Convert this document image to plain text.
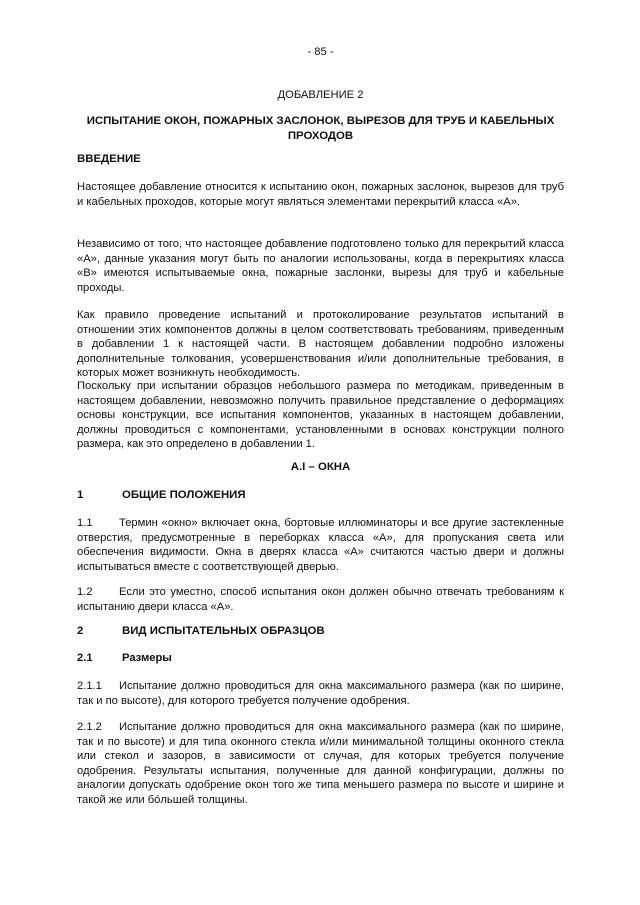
- 85 -
ДОБАВЛЕНИЕ 2
ИСПЫТАНИЕ ОКОН, ПОЖАРНЫХ ЗАСЛОНОК, ВЫРЕЗОВ ДЛЯ ТРУБ И КАБЕЛЬНЫХ ПРОХОДОВ
ВВЕДЕНИЕ

Настоящее добавление относится к испытанию окон, пожарных заслонок, вырезов для труб и кабельных проходов, которые могут являться элементами перекрытий класса «А».

Независимо от того, что настоящее добавление подготовлено только для перекрытий класса «А», данные указания могут быть по аналогии использованы, когда в перекрытиях класса «В» имеются испытываемые окна, пожарные заслонки, вырезы для труб и кабельные проходы.

Как правило проведение испытаний и протоколирование результатов испытаний в отношении этих компонентов должны в целом соответствовать требованиям, приведенным в добавлении 1 к настоящей части. В настоящем добавлении подробно изложены дополнительные толкования, усовершенствования и/или дополнительные требования, в которых может возникнуть необходимость.

Поскольку при испытании образцов небольшого размера по методикам, приведенным в настоящем добавлении, невозможно получить правильное представление о деформациях основы конструкции, все испытания компонентов, указанных в настоящем добавлении, должны проводиться с компонентами, установленными в основах конструкции полного размера, как это определено в добавлении 1.

А.I – ОКНА
1	ОБЩИЕ ПОЛОЖЕНИЯ

1.1 Термин «окно» включает окна, бортовые иллюминаторы и все другие застекленные отверстия, предусмотренные в переборках класса «А», для пропускания света или обеспечения видимости. Окна в дверях класса «А» считаются частью двери и должны испытываться вместе с соответствующей дверью.

1.2 Если это уместно, способ испытания окон должен обычно отвечать требованиям к испытанию двери класса «А».

2	ВИД ИСПЫТАТЕЛЬНЫХ ОБРАЗЦОВ
2.1	Размеры

2.1.1 Испытание должно проводиться для окна максимального размера (как по ширине, так и по высоте), для которого требуется получение одобрения.

2.1.2 Испытание должно проводиться для окна максимального размера (как по ширине, так и по высоте) и для типа оконного стекла и/или минимальной толщины оконного стекла или стекол и зазоров, в зависимости от случая, для которых требуется получение одобрения. Результаты испытания, полученные для данной конфигурации, должны по аналогии допускать одобрение окон того же типа меньшего размера по высоте и ширине и такой же или бóльшей толщины.
